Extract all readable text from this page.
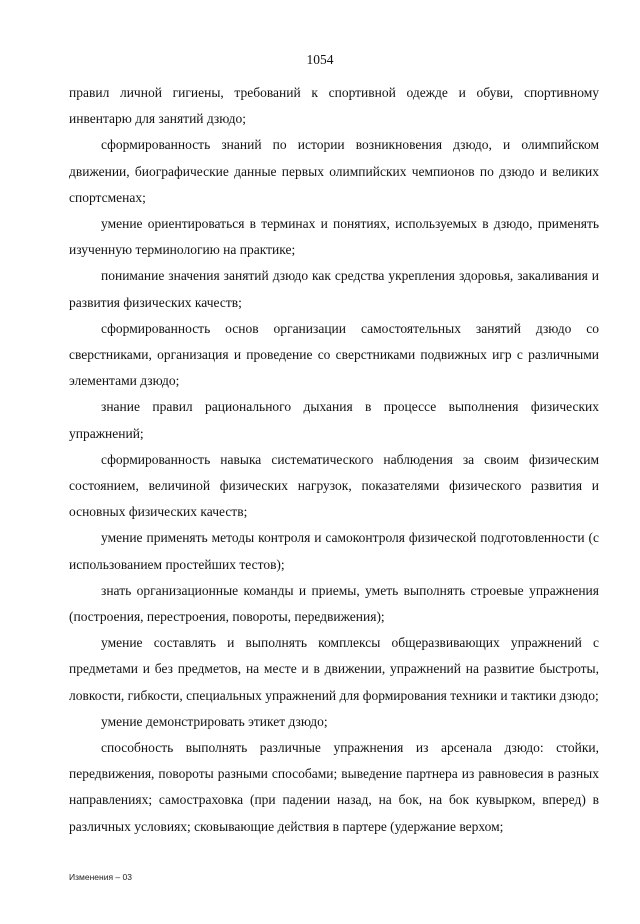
1054

правил личной гигиены, требований к спортивной одежде и обуви, спортивному инвентарю для занятий дзюдо;

сформированность знаний по истории возникновения дзюдо, и олимпийском движении, биографические данные первых олимпийских чемпионов по дзюдо и великих спортсменах;

умение ориентироваться в терминах и понятиях, используемых в дзюдо, применять изученную терминологию на практике;

понимание значения занятий дзюдо как средства укрепления здоровья, закаливания и развития физических качеств;

сформированность основ организации самостоятельных занятий дзюдо со сверстниками, организация и проведение со сверстниками подвижных игр с различными элементами дзюдо;

знание правил рационального дыхания в процессе выполнения физических упражнений;

сформированность навыка систематического наблюдения за своим физическим состоянием, величиной физических нагрузок, показателями физического развития и основных физических качеств;

умение применять методы контроля и самоконтроля физической подготовленности (с использованием простейших тестов);

знать организационные команды и приемы, уметь выполнять строевые упражнения (построения, перестроения, повороты, передвижения);

умение составлять и выполнять комплексы общеразвивающих упражнений с предметами и без предметов, на месте и в движении, упражнений на развитие быстроты, ловкости, гибкости, специальных упражнений для формирования техники и тактики дзюдо;

умение демонстрировать этикет дзюдо;

способность выполнять различные упражнения из арсенала дзюдо: стойки, передвижения, повороты разными способами; выведение партнера из равновесия в разных направлениях; самостраховка (при падении назад, на бок, на бок кувырком, вперед) в различных условиях; сковывающие действия в партере (удержание верхом;

Изменения – 03
